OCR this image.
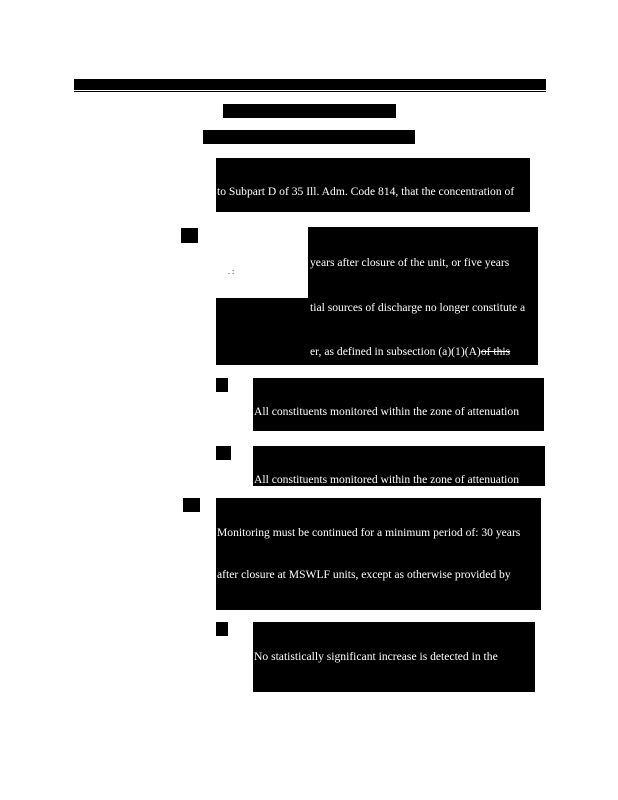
to Subpart D of 35 Ill. Adm. Code 814, that the concentration of

years after closure of the unit, or five years

tial sources of discharge no longer constitute a

er, as defined in subsection (a)(1)(A)of this

. :

All constituents monitored within the zone of attenuation

All constituents monitored within the zone of attenuation

Monitoring must be continued for a minimum period of: 30 years

after closure at MSWLF units, except as otherwise provided by

No statistically significant increase is detected in the
